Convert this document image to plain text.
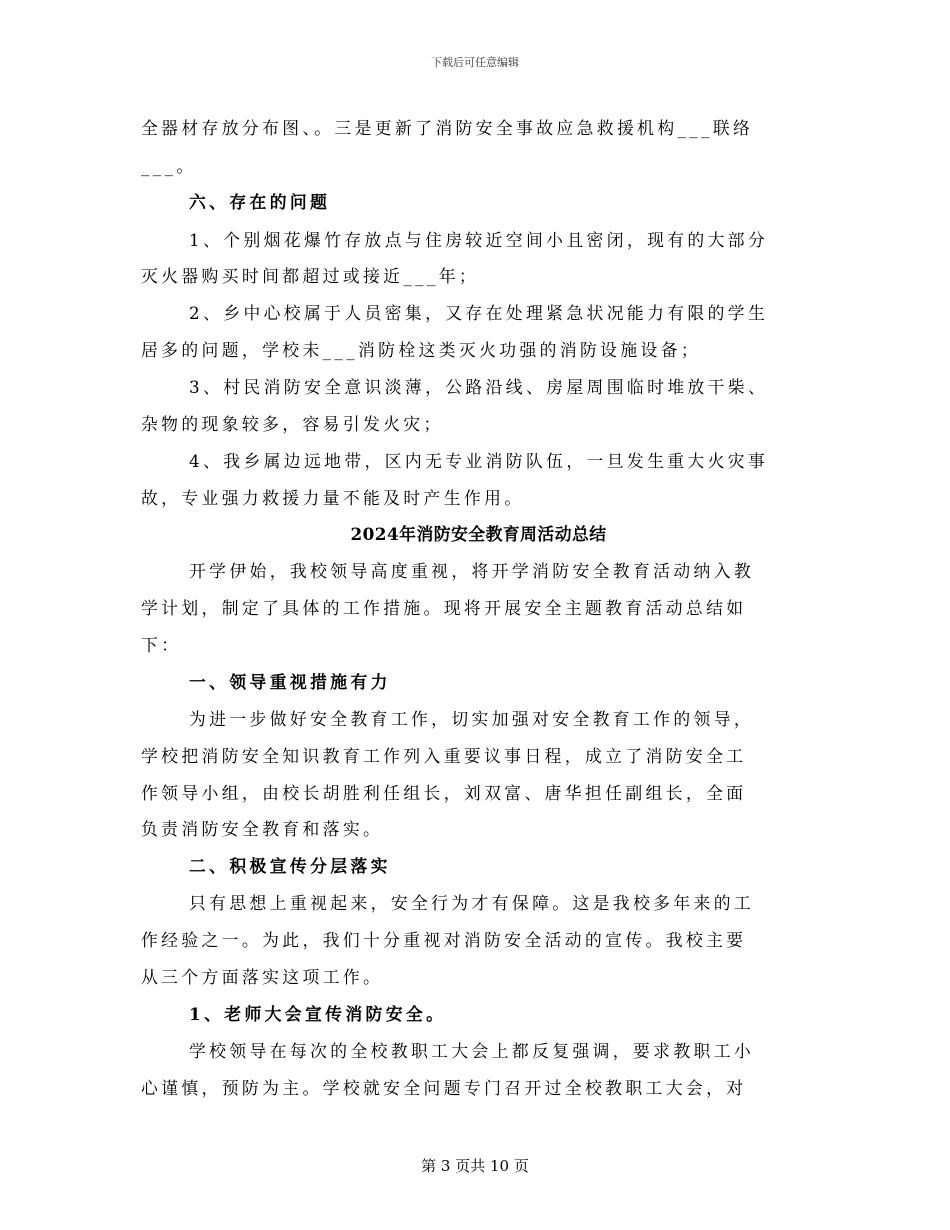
下载后可任意编辑
全器材存放分布图、。三是更新了消防安全事故应急救援机构___联络
___。
六、存在的问题
1、个别烟花爆竹存放点与住房较近空间小且密闭，现有的大部分
灭火器购买时间都超过或接近___年；
2、乡中心校属于人员密集，又存在处理紧急状况能力有限的学生
居多的问题，学校未___消防栓这类灭火功强的消防设施设备；
3、村民消防安全意识淡薄，公路沿线、房屋周围临时堆放干柴、
杂物的现象较多，容易引发火灾；
4、我乡属边远地带，区内无专业消防队伍，一旦发生重大火灾事
故，专业强力救援力量不能及时产生作用。
2024年消防安全教育周活动总结
开学伊始，我校领导高度重视，将开学消防安全教育活动纳入教
学计划，制定了具体的工作措施。现将开展安全主题教育活动总结如
下：
一、领导重视措施有力
为进一步做好安全教育工作，切实加强对安全教育工作的领导，
学校把消防安全知识教育工作列入重要议事日程，成立了消防安全工
作领导小组，由校长胡胜利任组长，刘双富、唐华担任副组长，全面
负责消防安全教育和落实。
二、积极宣传分层落实
只有思想上重视起来，安全行为才有保障。这是我校多年来的工
作经验之一。为此，我们十分重视对消防安全活动的宣传。我校主要
从三个方面落实这项工作。
1、老师大会宣传消防安全。
学校领导在每次的全校教职工大会上都反复强调，要求教职工小
心谨慎，预防为主。学校就安全问题专门召开过全校教职工大会，对
第 3 页共 10 页
